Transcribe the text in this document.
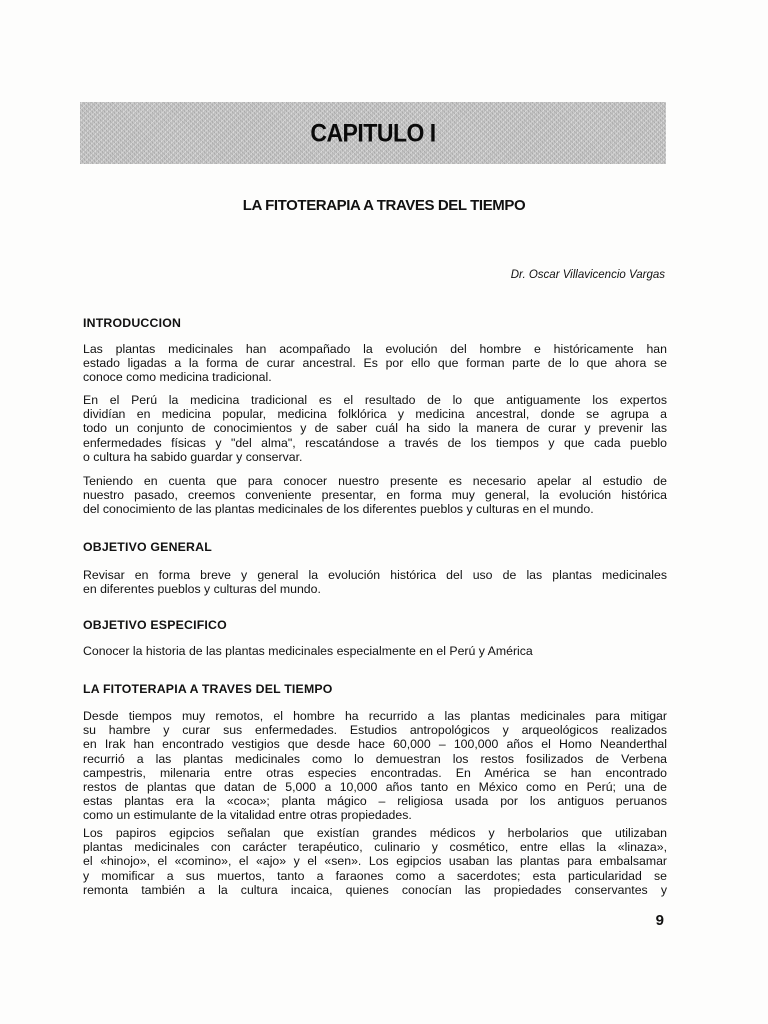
CAPITULO I
LA FITOTERAPIA A TRAVES DEL TIEMPO
Dr. Oscar Villavicencio Vargas
INTRODUCCION

Las plantas medicinales han acompañado la evolución del hombre e históricamente han
estado ligadas a la forma de curar ancestral. Es por ello que forman parte de lo que ahora se
conoce como medicina tradicional.

En el Perú la medicina tradicional es el resultado de lo que antiguamente los expertos
dividían en medicina popular, medicina folklórica y medicina ancestral, donde se agrupa a
todo un conjunto de conocimientos y de saber cuál ha sido la manera de curar y prevenir las
enfermedades físicas y "del alma", rescatándose a través de los tiempos y que cada pueblo
o cultura ha sabido guardar y conservar.

Teniendo en cuenta que para conocer nuestro presente es necesario apelar al estudio de
nuestro pasado, creemos conveniente presentar, en forma muy general, la evolución histórica
del conocimiento de las plantas medicinales de los diferentes pueblos y culturas en el mundo.

OBJETIVO GENERAL

Revisar en forma breve y general la evolución histórica del uso de las plantas medicinales
en diferentes pueblos y culturas del mundo.

OBJETIVO ESPECIFICO

Conocer la historia de las plantas medicinales especialmente en el Perú y América

LA FITOTERAPIA A TRAVES DEL TIEMPO

Desde tiempos muy remotos, el hombre ha recurrido a las plantas medicinales para mitigar
su hambre y curar sus enfermedades. Estudios antropológicos y arqueológicos realizados
en Irak han encontrado vestigios que desde hace 60,000 – 100,000 años el Homo Neanderthal
recurrió a las plantas medicinales como lo demuestran los restos fosilizados de Verbena
campestris, milenaria entre otras especies encontradas. En América se han encontrado
restos de plantas que datan de 5,000 a 10,000 años tanto en México como en Perú; una de
estas plantas era la «coca»; planta mágico – religiosa usada por los antiguos peruanos
como un estimulante de la vitalidad entre otras propiedades.

Los papiros egipcios señalan que existían grandes médicos y herbolarios que utilizaban
plantas medicinales con carácter terapéutico, culinario y cosmético, entre ellas la «linaza»,
el «hinojo», el «comino», el «ajo» y el «sen». Los egipcios usaban las plantas para embalsamar
y momificar a sus muertos, tanto a faraones como a sacerdotes; esta particularidad se
remonta también a la cultura incaica, quienes conocían las propiedades conservantes y

9
